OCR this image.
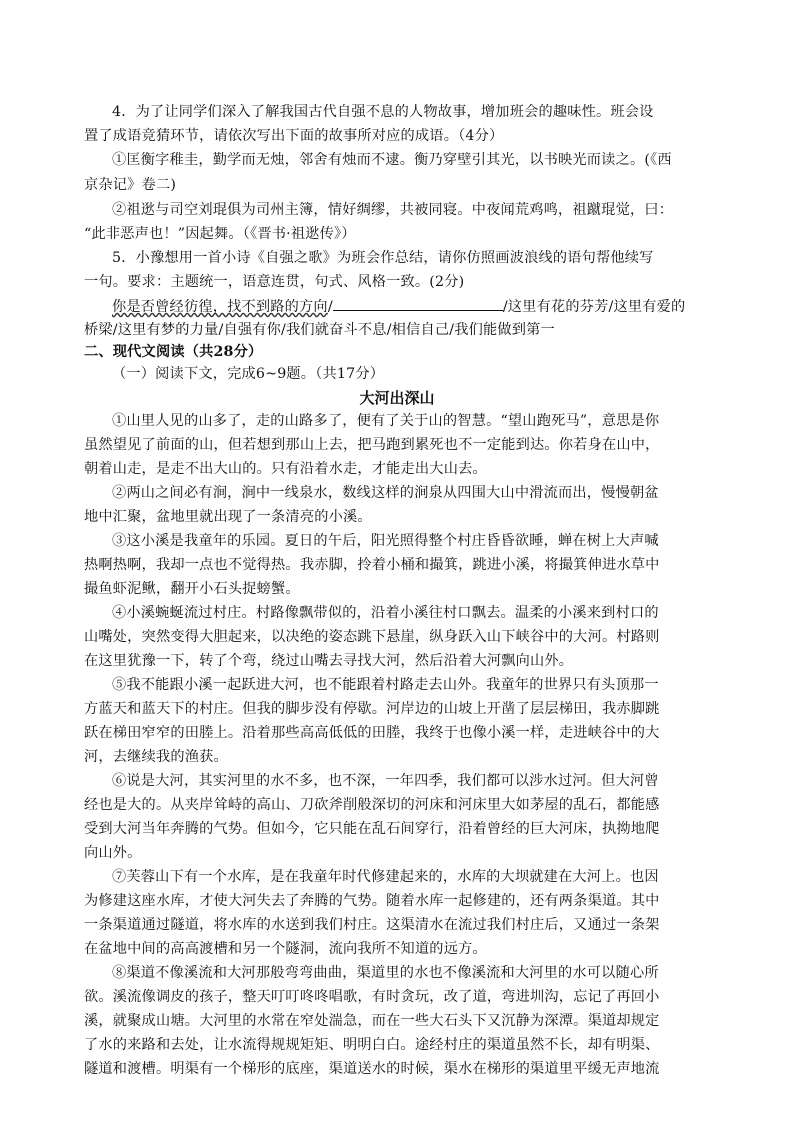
4．为了让同学们深入了解我国古代自强不息的人物故事，增加班会的趣味性。班会设
置了成语竞猜环节，请依次写出下面的故事所对应的成语。（4分）
①匡衡字稚圭，勤学而无烛，邻舍有烛而不逮。衡乃穿壁引其光，以书映光而读之。(《西
京杂记》卷二)
②祖逖与司空刘琨俱为司州主簿，情好绸缪，共被同寝。中夜闻荒鸡鸣，祖蹴琨觉，曰：
“此非恶声也！”因起舞。（《晋书·祖逖传》）
5．小豫想用一首小诗《自强之歌》为班会作总结，请你仿照画波浪线的语句帮他续写
一句。要求：主题统一，语意连贯，句式、风格一致。(2分)
你是否曾经彷徨，找不到路的方向/	/这里有花的芬芳/这里有爱的
桥梁/这里有梦的力量/自强有你/我们就奋斗不息/相信自己/我们能做到第一
二、现代文阅读（共28分）
（一）阅读下文，完成6~9题。（共17分）
大河出深山
①山里人见的山多了，走的山路多了，便有了关于山的智慧。“望山跑死马”，意思是你
虽然望见了前面的山，但若想到那山上去，把马跑到累死也不一定能到达。你若身在山中，
朝着山走，是走不出大山的。只有沿着水走，才能走出大山去。
②两山之间必有涧，涧中一线泉水，数线这样的涧泉从四围大山中滑流而出，慢慢朝盆
地中汇聚，盆地里就出现了一条清亮的小溪。
③这小溪是我童年的乐园。夏日的午后，阳光照得整个村庄昏昏欲睡，蝉在树上大声喊
热啊热啊，我却一点也不觉得热。我赤脚，拎着小桶和撮箕，跳进小溪，将撮箕伸进水草中
撮鱼虾泥鳅，翻开小石头捉螃蟹。
④小溪蜿蜒流过村庄。村路像飘带似的，沿着小溪往村口飘去。温柔的小溪来到村口的
山嘴处，突然变得大胆起来，以决绝的姿态跳下悬崖，纵身跃入山下峡谷中的大河。村路则
在这里犹豫一下，转了个弯，绕过山嘴去寻找大河，然后沿着大河飘向山外。
⑤我不能跟小溪一起跃进大河，也不能跟着村路走去山外。我童年的世界只有头顶那一
方蓝天和蓝天下的村庄。但我的脚步没有停歇。河岸边的山坡上开凿了层层梯田，我赤脚跳
跃在梯田窄窄的田塍上。沿着那些高高低低的田塍，我终于也像小溪一样，走进峡谷中的大
河，去继续我的渔获。
⑥说是大河，其实河里的水不多，也不深，一年四季，我们都可以涉水过河。但大河曾
经也是大的。从夹岸耸峙的高山、刀砍斧削般深切的河床和河床里大如茅屋的乱石，都能感
受到大河当年奔腾的气势。但如今，它只能在乱石间穿行，沿着曾经的巨大河床，执拗地爬
向山外。
⑦芙蓉山下有一个水库，是在我童年时代修建起来的，水库的大坝就建在大河上。也因
为修建这座水库，才使大河失去了奔腾的气势。随着水库一起修建的，还有两条渠道。其中
一条渠道通过隧道，将水库的水送到我们村庄。这渠清水在流过我们村庄后，又通过一条架
在盆地中间的高高渡槽和另一个隧洞，流向我所不知道的远方。
⑧渠道不像溪流和大河那般弯弯曲曲，渠道里的水也不像溪流和大河里的水可以随心所
欲。溪流像调皮的孩子，整天叮叮咚咚唱歌，有时贪玩，改了道，弯进圳沟，忘记了再回小
溪，就聚成山塘。大河里的水常在窄处湍急，而在一些大石头下又沉静为深潭。渠道却规定
了水的来路和去处，让水流得规规矩矩、明明白白。途经村庄的渠道虽然不长，却有明渠、
隧道和渡槽。明渠有一个梯形的底座，渠道送水的时候，渠水在梯形的渠道里平缓无声地流
